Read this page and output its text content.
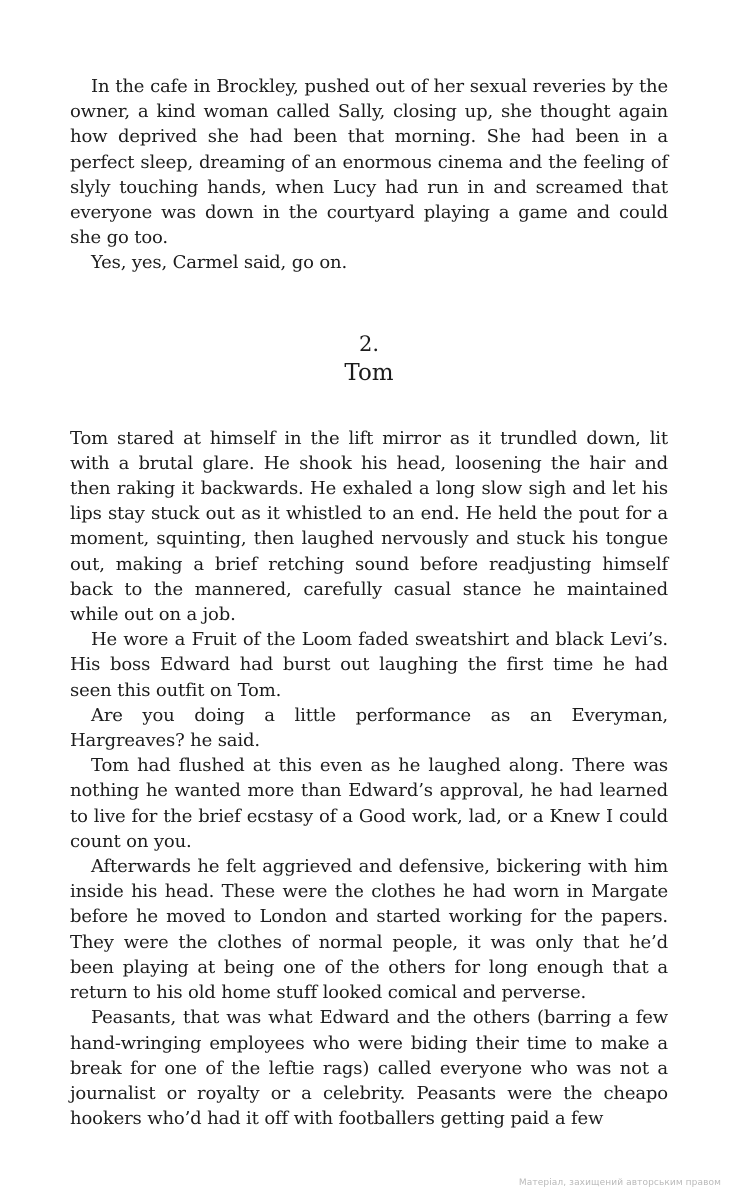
In the cafe in Brockley, pushed out of her sexual reveries by the owner, a kind woman called Sally, closing up, she thought again how deprived she had been that morning. She had been in a perfect sleep, dreaming of an enormous cinema and the feeling of slyly touching hands, when Lucy had run in and screamed that everyone was down in the courtyard playing a game and could she go too.

Yes, yes, Carmel said, go on.

2.
Tom

Tom stared at himself in the lift mirror as it trundled down, lit with a brutal glare. He shook his head, loosening the hair and then raking it backwards. He exhaled a long slow sigh and let his lips stay stuck out as it whistled to an end. He held the pout for a moment, squinting, then laughed nervously and stuck his tongue out, making a brief retching sound before readjusting himself back to the mannered, carefully casual stance he maintained while out on a job.

He wore a Fruit of the Loom faded sweatshirt and black Levi’s. His boss Edward had burst out laughing the first time he had seen this outfit on Tom.

Are you doing a little performance as an Everyman, Hargreaves? he said.

Tom had flushed at this even as he laughed along. There was nothing he wanted more than Edward’s approval, he had learned to live for the brief ecstasy of a Good work, lad, or a Knew I could count on you.

Afterwards he felt aggrieved and defensive, bickering with him inside his head. These were the clothes he had worn in Margate before he moved to London and started working for the papers. They were the clothes of normal people, it was only that he’d been playing at being one of the others for long enough that a return to his old home stuff looked comical and perverse.

Peasants, that was what Edward and the others (barring a few hand-wringing employees who were biding their time to make a break for one of the leftie rags) called everyone who was not a journalist or royalty or a celebrity. Peasants were the cheapo hookers who’d had it off with footballers getting paid a few

Матеріал, захищений авторським правом
